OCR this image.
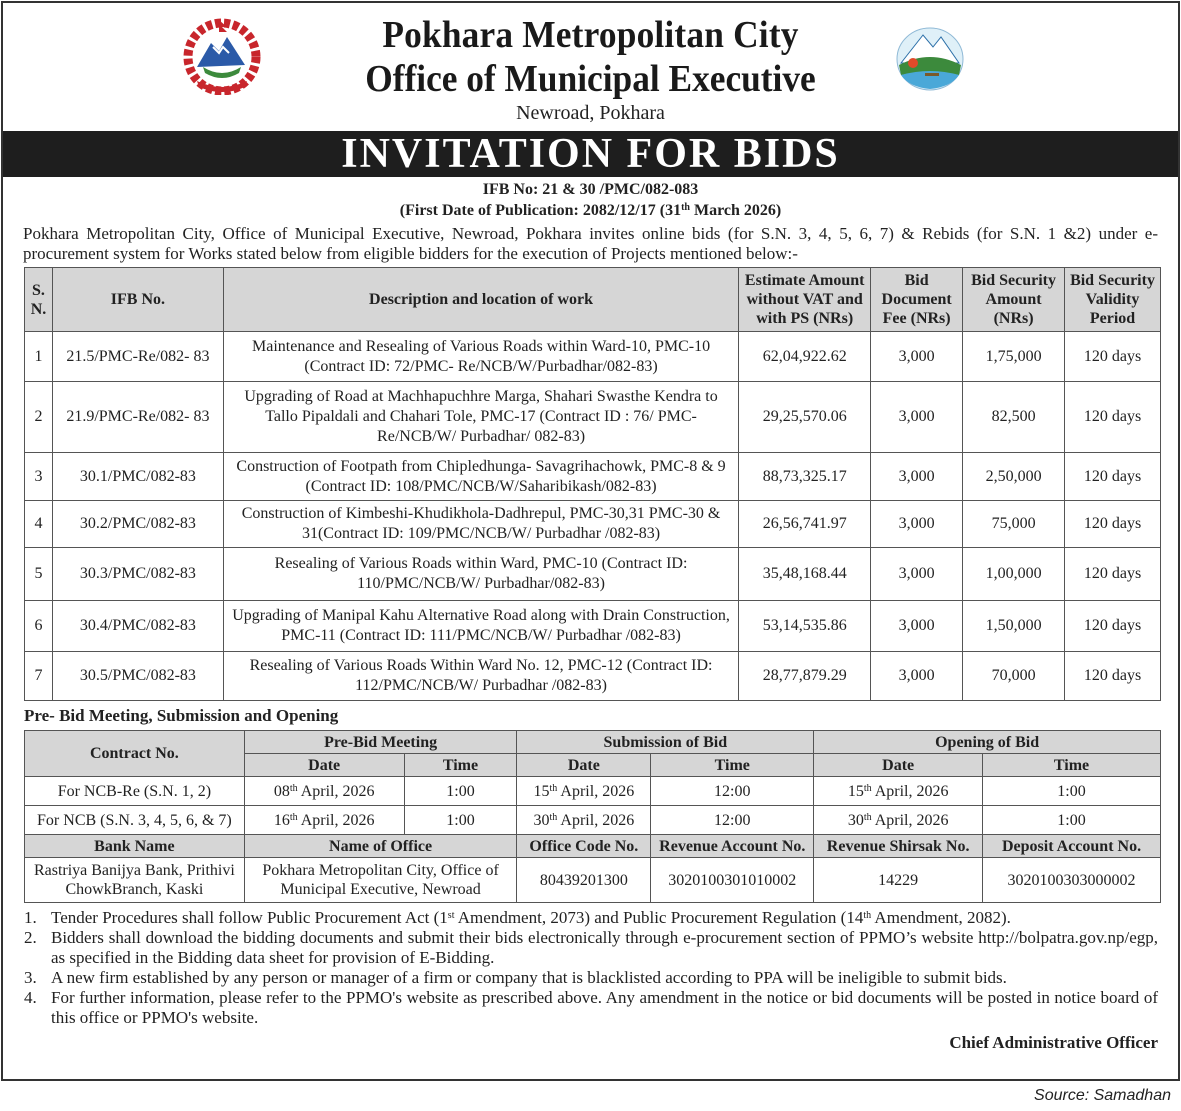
Pokhara Metropolitan City
Office of Municipal Executive
Newroad, Pokhara
INVITATION FOR BIDS
IFB No: 21 & 30 /PMC/082-083
(First Date of Publication: 2082/12/17 (31th March 2026)
Pokhara Metropolitan City, Office of Municipal Executive, Newroad, Pokhara invites online bids (for S.N. 3, 4, 5, 6, 7) & Rebids (for S.N. 1 &2) under e-procurement system for Works stated below from eligible bidders for the execution of Projects mentioned below:-
S. N.	IFB No.	Description and location of work	Estimate Amount without VAT and with PS (NRs)	Bid Document Fee (NRs)	Bid Security Amount (NRs)	Bid Security Validity Period
1	21.5/PMC-Re/082- 83	Maintenance and Resealing of Various Roads within Ward-10, PMC-10 (Contract ID: 72/PMC- Re/NCB/W/Purbadhar/082-83)	62,04,922.62	3,000	1,75,000	120 days
2	21.9/PMC-Re/082- 83	Upgrading of Road at Machhapuchhre Marga, Shahari Swasthe Kendra to Tallo Pipaldali and Chahari Tole, PMC-17 (Contract ID : 76/ PMC-Re/NCB/W/ Purbadhar/ 082-83)	29,25,570.06	3,000	82,500	120 days
3	30.1/PMC/082-83	Construction of Footpath from Chipledhunga- Savagrihachowk, PMC-8 & 9 (Contract ID: 108/PMC/NCB/W/Saharibikash/082-83)	88,73,325.17	3,000	2,50,000	120 days
4	30.2/PMC/082-83	Construction of Kimbeshi-Khudikhola-Dadhrepul, PMC-30,31 PMC-30 & 31(Contract ID: 109/PMC/NCB/W/ Purbadhar /082-83)	26,56,741.97	3,000	75,000	120 days
5	30.3/PMC/082-83	Resealing of Various Roads within Ward, PMC-10 (Contract ID: 110/PMC/NCB/W/ Purbadhar/082-83)	35,48,168.44	3,000	1,00,000	120 days
6	30.4/PMC/082-83	Upgrading of Manipal Kahu Alternative Road along with Drain Construction, PMC-11 (Contract ID: 111/PMC/NCB/W/ Purbadhar /082-83)	53,14,535.86	3,000	1,50,000	120 days
7	30.5/PMC/082-83	Resealing of Various Roads Within Ward No. 12, PMC-12 (Contract ID: 112/PMC/NCB/W/ Purbadhar /082-83)	28,77,879.29	3,000	70,000	120 days
Pre- Bid Meeting, Submission and Opening
Contract No.	Pre-Bid Meeting		Submission of Bid		Opening of Bid	
	Date	Time	Date	Time	Date	Time
For NCB-Re (S.N. 1, 2)	08th April, 2026	1:00	15th April, 2026	12:00	15th April, 2026	1:00
For NCB (S.N. 3, 4, 5, 6, & 7)	16th April, 2026	1:00	30th April, 2026	12:00	30th April, 2026	1:00
Bank Name	Name of Office		Office Code No.	Revenue Account No.	Revenue Shirsak No.	Deposit Account No.
Rastriya Banijya Bank, Prithivi ChowkBranch, Kaski	Pokhara Metropolitan City, Office of Municipal Executive, Newroad		80439201300	3020100301010002	14229	3020100303000002
1. Tender Procedures shall follow Public Procurement Act (1st Amendment, 2073) and Public Procurement Regulation (14th Amendment, 2082).
2. Bidders shall download the bidding documents and submit their bids electronically through e-procurement section of PPMO’s website http://bolpatra.gov.np/egp, as specified in the Bidding data sheet for provision of E-Bidding.
3. A new firm established by any person or manager of a firm or company that is blacklisted according to PPA will be ineligible to submit bids.
4. For further information, please refer to the PPMO's website as prescribed above. Any amendment in the notice or bid documents will be posted in notice board of this office or PPMO's website.
Chief Administrative Officer
Source: Samadhan
